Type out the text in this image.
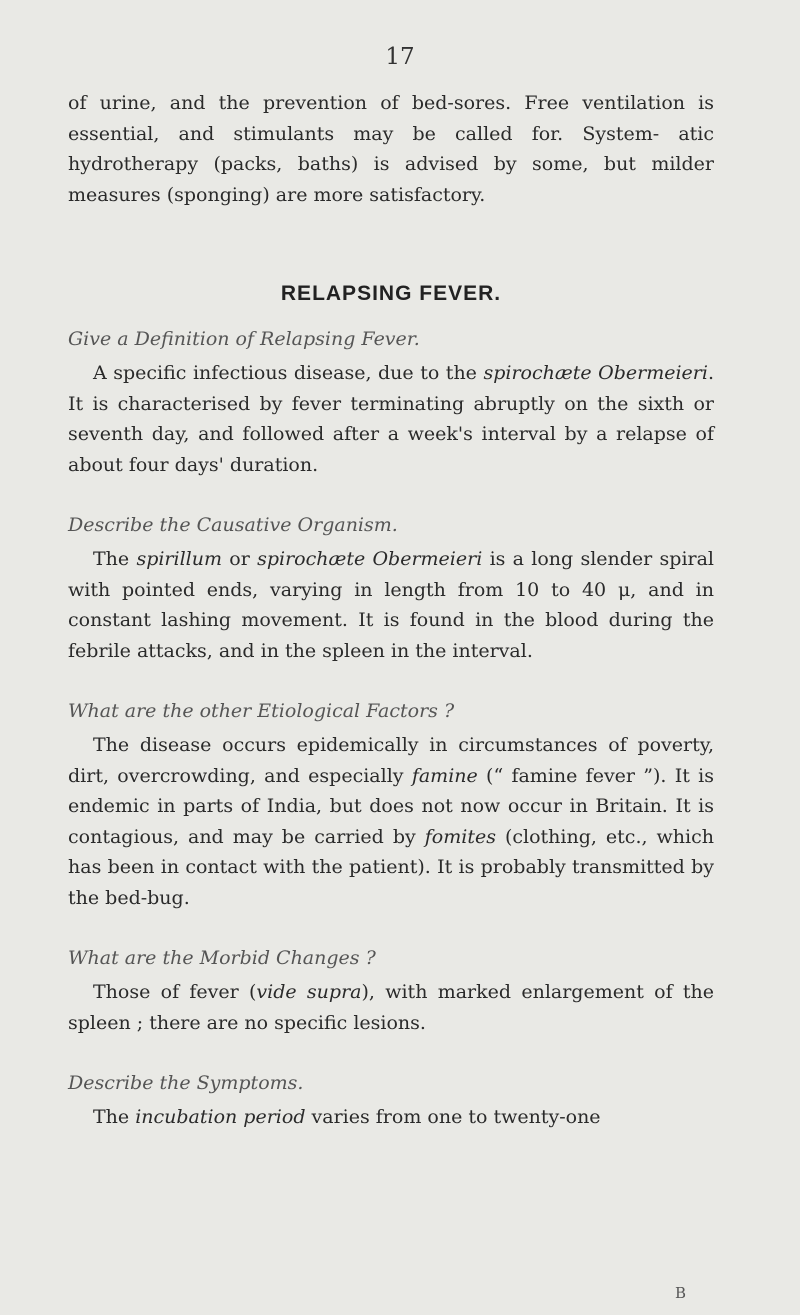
17

of urine, and the prevention of bed-sores. Free ventilation is essential, and stimulants may be called for. System- atic hydrotherapy (packs, baths) is advised by some, but milder measures (sponging) are more satisfactory.

RELAPSING FEVER.
Give a Definition of Relapsing Fever.

A specific infectious disease, due to the spirochæte Obermeieri. It is characterised by fever terminating abruptly on the sixth or seventh day, and followed after a week's interval by a relapse of about four days' duration.

Describe the Causative Organism.

The spirillum or spirochæte Obermeieri is a long slender spiral with pointed ends, varying in length from 10 to 40 μ, and in constant lashing movement. It is found in the blood during the febrile attacks, and in the spleen in the interval.

What are the other Etiological Factors ?

The disease occurs epidemically in circumstances of poverty, dirt, overcrowding, and especially famine (“ famine fever ”). It is endemic in parts of India, but does not now occur in Britain. It is contagious, and may be carried by fomites (clothing, etc., which has been in contact with the patient). It is probably transmitted by the bed-bug.

What are the Morbid Changes ?

Those of fever (vide supra), with marked enlargement of the spleen ; there are no specific lesions.

Describe the Symptoms.

The incubation period varies from one to twenty-one

B
